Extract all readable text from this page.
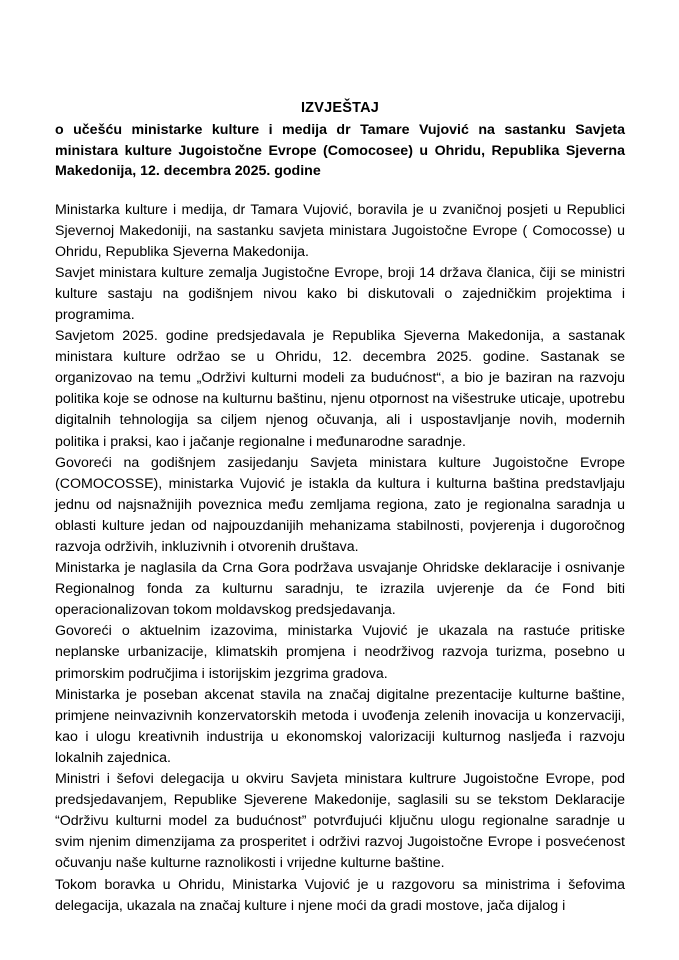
IZVJEŠTAJ
o učešću ministarke kulture i medija dr Tamare Vujović na sastanku Savjeta ministara kulture Jugoistočne Evrope (Comocosee) u Ohridu, Republika Sjeverna Makedonija, 12. decembra 2025. godine

Ministarka kulture i medija, dr Tamara Vujović, boravila je u zvaničnoj posjeti u Republici Sjevernoj Makedoniji, na sastanku savjeta ministara Jugoistočne Evrope ( Comocosse) u Ohridu, Republika Sjeverna Makedonija.

Savjet ministara kulture zemalja Jugistočne Evrope, broji 14 država članica, čiji se ministri kulture sastaju na godišnjem nivou kako bi diskutovali o zajedničkim projektima i programima.

Savjetom 2025. godine predsjedavala je Republika Sjeverna Makedonija, a sastanak ministara kulture održao se u Ohridu, 12. decembra 2025. godine. Sastanak se organizovao na temu „Održivi kulturni modeli za budućnost“, a bio je baziran na razvoju politika koje se odnose na kulturnu baštinu, njenu otpornost na višestruke uticaje, upotrebu digitalnih tehnologija sa ciljem njenog očuvanja, ali i uspostavljanje novih, modernih politika i praksi, kao i jačanje regionalne i međunarodne saradnje.

Govoreći na godišnjem zasijedanju Savjeta ministara kulture Jugoistočne Evrope (COMOCOSSE), ministarka Vujović je istakla da kultura i kulturna baština predstavljaju jednu od najsnažnijih poveznica među zemljama regiona, zato je regionalna saradnja u oblasti kulture jedan od najpouzdanijih mehanizama stabilnosti, povjerenja i dugoročnog razvoja održivih, inkluzivnih i otvorenih društava.

Ministarka je naglasila da Crna Gora podržava usvajanje Ohridske deklaracije i osnivanje Regionalnog fonda za kulturnu saradnju, te izrazila uvjerenje da će Fond biti operacionalizovan tokom moldavskog predsjedavanja.

Govoreći o aktuelnim izazovima, ministarka Vujović je ukazala na rastuće pritiske neplanske urbanizacije, klimatskih promjena i neodrživog razvoja turizma, posebno u primorskim područjima i istorijskim jezgrima gradova.

Ministarka je poseban akcenat stavila na značaj digitalne prezentacije kulturne baštine, primjene neinvazivnih konzervatorskih metoda i uvođenja zelenih inovacija u konzervaciji, kao i ulogu kreativnih industrija u ekonomskoj valorizaciji kulturnog nasljeđa i razvoju lokalnih zajednica.

Ministri i šefovi delegacija u okviru Savjeta ministara kultrure Jugoistočne Evrope, pod predsjedavanjem, Republike Sjeverene Makedonije, saglasili su se tekstom Deklaracije “Održivu kulturni model za budućnost” potvrđujući ključnu ulogu regionalne saradnje u svim njenim dimenzijama za prosperitet i održivi razvoj Jugoistočne Evrope i posvećenost očuvanju naše kulturne raznolikosti i vrijedne kulturne baštine.

Tokom boravka u Ohridu, Ministarka Vujović je u razgovoru sa ministrima i šefovima delegacija, ukazala na značaj kulture i njene moći da gradi mostove, jača dijalog i
